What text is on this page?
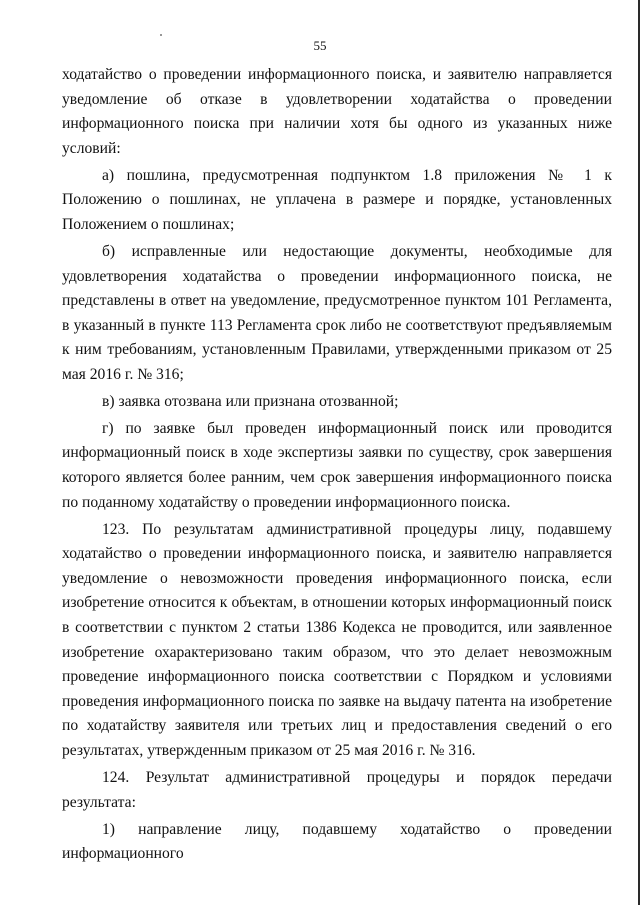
55

ходатайство о проведении информационного поиска, и заявителю направляется уведомление об отказе в удовлетворении ходатайства о проведении информационного поиска при наличии хотя бы одного из указанных ниже условий:

а) пошлина, предусмотренная подпунктом 1.8 приложения № 1 к Положению о пошлинах, не уплачена в размере и порядке, установленных Положением о пошлинах;

б) исправленные или недостающие документы, необходимые для удовлетворения ходатайства о проведении информационного поиска, не представлены в ответ на уведомление, предусмотренное пунктом 101 Регламента, в указанный в пункте 113 Регламента срок либо не соответствуют предъявляемым к ним требованиям, установленным Правилами, утвержденными приказом от 25 мая 2016 г. № 316;

в) заявка отозвана или признана отозванной;

г) по заявке был проведен информационный поиск или проводится информационный поиск в ходе экспертизы заявки по существу, срок завершения которого является более ранним, чем срок завершения информационного поиска по поданному ходатайству о проведении информационного поиска.

123. По результатам административной процедуры лицу, подавшему ходатайство о проведении информационного поиска, и заявителю направляется уведомление о невозможности проведения информационного поиска, если изобретение относится к объектам, в отношении которых информационный поиск в соответствии с пунктом 2 статьи 1386 Кодекса не проводится, или заявленное изобретение охарактеризовано таким образом, что это делает невозможным проведение информационного поиска соответствии с Порядком и условиями проведения информационного поиска по заявке на выдачу патента на изобретение по ходатайству заявителя или третьих лиц и предоставления сведений о его результатах, утвержденным приказом от 25 мая 2016 г. № 316.

124. Результат административной процедуры и порядок передачи результата:

1) направление лицу, подавшему ходатайство о проведении информационного
